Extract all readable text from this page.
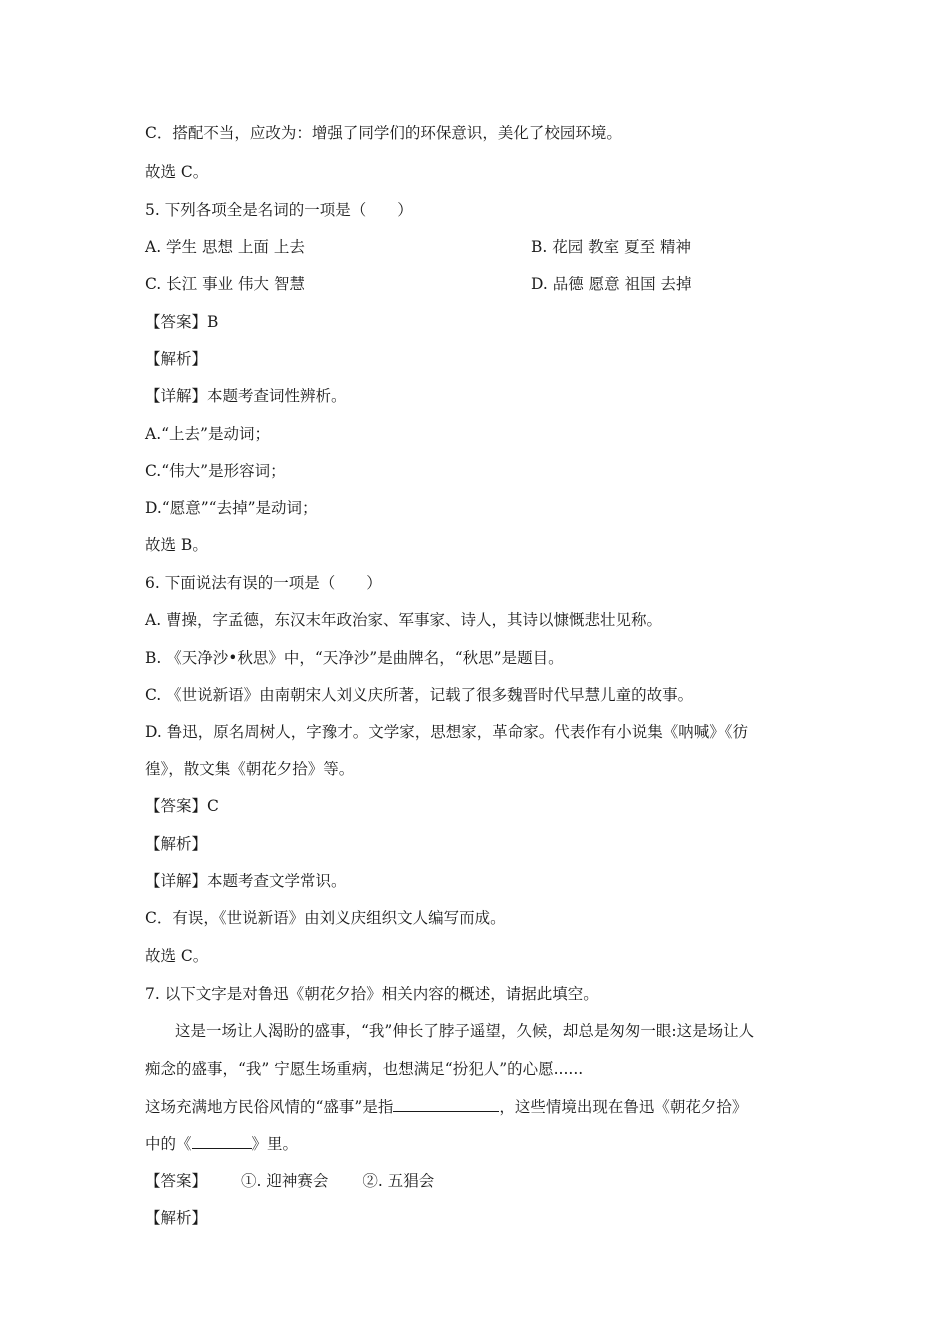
C．搭配不当，应改为：增强了同学们的环保意识，美化了校园环境。
故选 C。
5. 下列各项全是名词的一项是（　　）
A. 学生 思想 上面 上去	B. 花园 教室 夏至 精神
C. 长江 事业 伟大 智慧	D. 品德 愿意 祖国 去掉
【答案】B
【解析】
【详解】本题考查词性辨析。
A.“上去”是动词；
C.“伟大”是形容词；
D.“愿意”“去掉”是动词；
故选 B。
6. 下面说法有误的一项是（　　）
A. 曹操，字孟德，东汉末年政治家、军事家、诗人，其诗以慷慨悲壮见称。
B. 《天净沙•秋思》中，“天净沙”是曲牌名，“秋思”是题目。
C. 《世说新语》由南朝宋人刘义庆所著，记载了很多魏晋时代早慧儿童的故事。
D. 鲁迅，原名周树人，字豫才。文学家，思想家，革命家。代表作有小说集《呐喊》《彷
徨》，散文集《朝花夕拾》等。
【答案】C
【解析】
【详解】本题考查文学常识。
C．有误，《世说新语》由刘义庆组织文人编写而成。
故选 C。
7. 以下文字是对鲁迅《朝花夕拾》相关内容的概述，请据此填空。
这是一场让人渴盼的盛事，“我”伸长了脖子遥望，久候，却总是匆匆一眼:这是场让人
痴念的盛事，“我” 宁愿生场重病，也想满足“扮犯人”的心愿......
这场充满地方民俗风情的“盛事”是指	，这些情境出现在鲁迅《朝花夕拾》
中的《	》里。
【答案】 ①. 迎神赛会 ②. 五猖会
【解析】
